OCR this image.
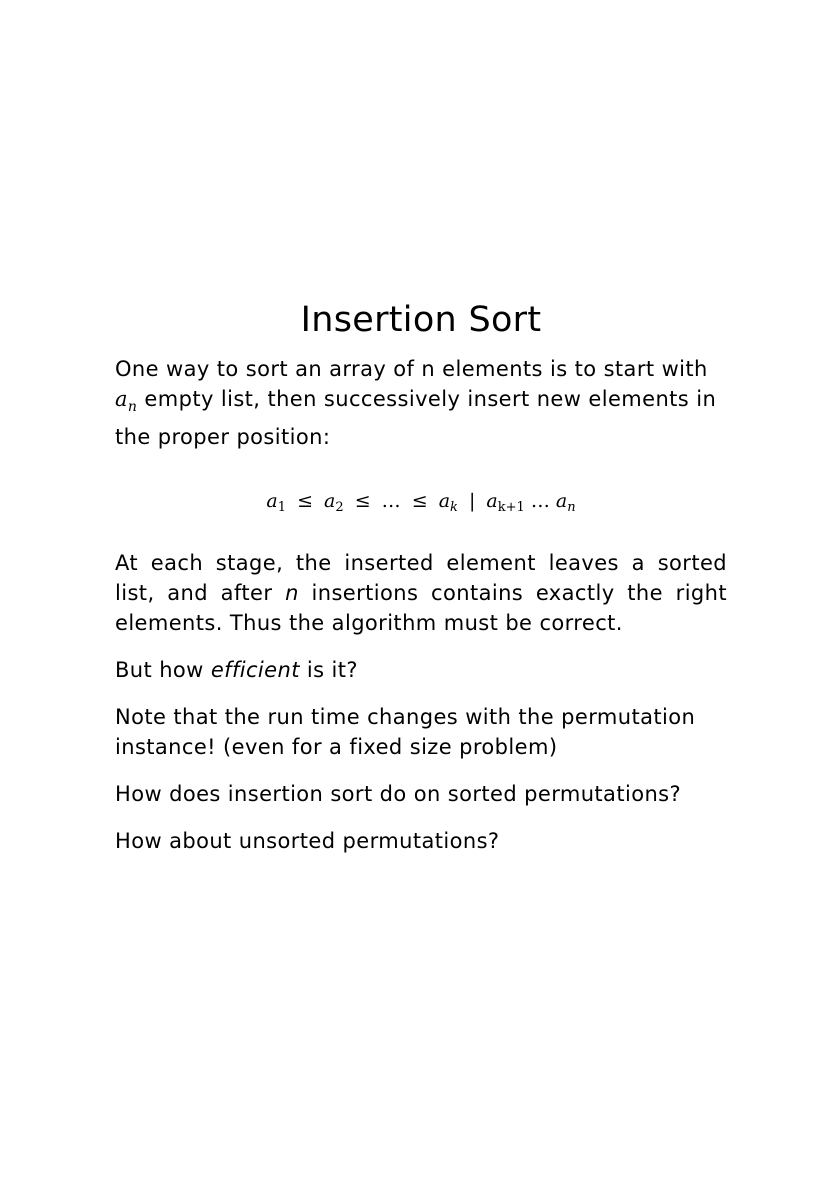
Insertion Sort

One way to sort an array of n elements is to start with
$a_n$ empty list, then successively insert new elements in
the proper position:

$a_1 \le a_2$ ≤ … ≤ $a_k$ | $a_{k+1}$ … $a_n$

At each stage, the inserted element leaves a sorted list, and after n insertions contains exactly the right elements. Thus the algorithm must be correct.

But how efficient is it?

Note that the run time changes with the permutation instance! (even for a fixed size problem)

How does insertion sort do on sorted permutations?

How about unsorted permutations?
